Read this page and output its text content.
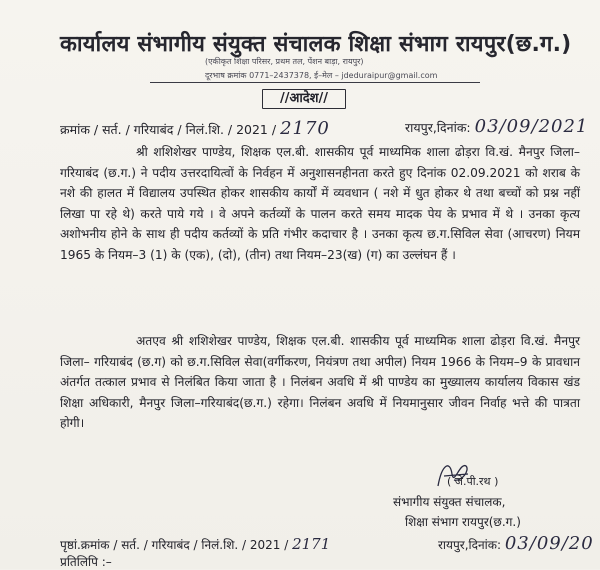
कार्यालय संभागीय संयुक्त संचालक शिक्षा संभाग रायपुर(छ.ग.)
(एकीकृत शिक्षा परिसर, प्रथम तल, पेंशन बाड़ा, रायपुर)
दूरभाष क्रमांक 0771–2437378, ई–मेल – jdeduraipur@gmail.com
//आदेश//
क्रमांक / सर्त. / गरियाबंद / निलं.शि. / 2021 / 2170	रायपुर,दिनांक: 03/09/2021
श्री शशिशेखर पाण्डेय, शिक्षक एल.बी. शासकीय पूर्व माध्यमिक शाला ढोड़रा वि.खं. मैनपुर जिला– गरियाबंद (छ.ग.) ने पदीय उत्तरदायित्वों के निर्वहन में अनुशासनहीनता करते हुए दिनांक 02.09.2021 को शराब के नशे की हालत में विद्यालय उपस्थित होकर शासकीय कार्यों में व्यवधान ( नशे में धुत होकर थे तथा बच्चों को प्रश्न नहीं लिखा पा रहे थे) करते पाये गये । वे अपने कर्तव्यों के पालन करते समय मादक पेय के प्रभाव में थे । उनका कृत्य अशोभनीय होने के साथ ही पदीय कर्तव्यों के प्रति गंभीर कदाचार है । उनका कृत्य छ.ग.सिविल सेवा (आचरण) नियम 1965 के नियम–3 (1) के (एक), (दो), (तीन) तथा नियम–23(ख) (ग) का उल्लंघन हैं ।
अतएव श्री शशिशेखर पाण्डेय, शिक्षक एल.बी. शासकीय पूर्व माध्यमिक शाला ढोड़रा वि.खं. मैनपुर जिला– गरियाबंद (छ.ग) को छ.ग.सिविल सेवा(वर्गीकरण, नियंत्रण तथा अपील) नियम 1966 के नियम–9 के प्रावधान अंतर्गत तत्काल प्रभाव से निलंबित किया जाता है । निलंबन अवधि में श्री पाण्डेय का मुख्यालय कार्यालय विकास खंड शिक्षा अधिकारी, मैनपुर जिला–गरियाबंद(छ.ग.) रहेगा। निलंबन अवधि में नियमानुसार जीवन निर्वाह भत्ते की पात्रता होगी।
( जे.पी.रथ )
संभागीय संयुक्त संचालक,
शिक्षा संभाग रायपुर(छ.ग.)
पृष्ठां.क्रमांक / सर्त. / गरियाबंद / निलं.शि. / 2021 / 2171	रायपुर,दिनांक: 03/09/20
प्रतिलिपि :–
